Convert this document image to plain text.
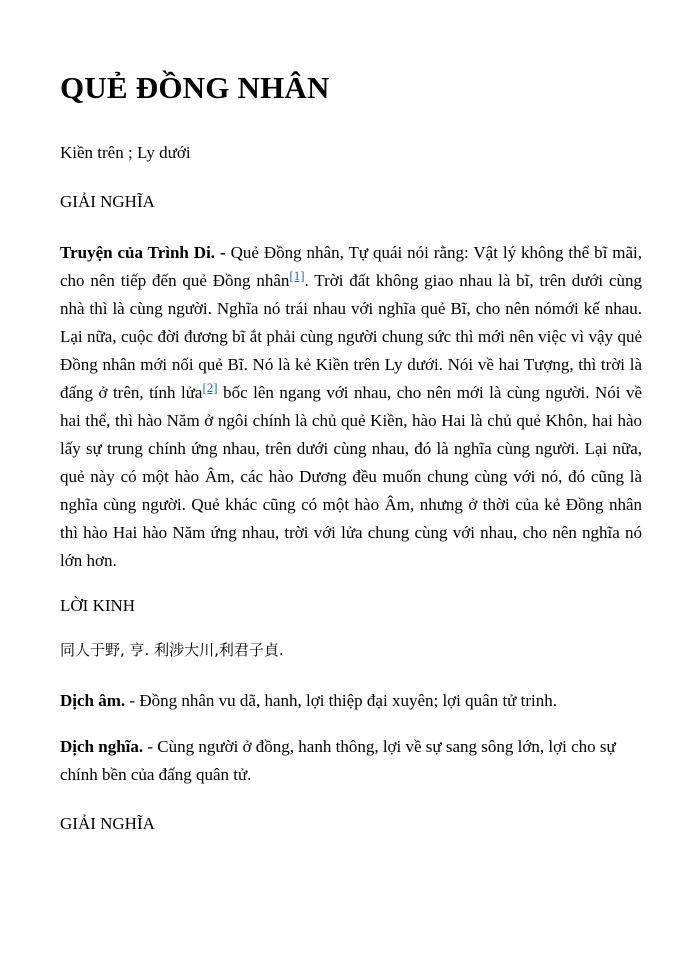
QUẺ ĐỒNG NHÂN

Kiền trên ; Ly dưới

GIẢI NGHĨA

Truyện của Trình Di. - Quẻ Đồng nhân, Tự quái nói rằng: Vật lý không thể bĩ mãi, cho nên tiếp đến quẻ Đồng nhân[1]. Trời đất không giao nhau là bĩ, trên dưới cùng nhà thì là cùng người. Nghĩa nó trái nhau với nghĩa quẻ Bĩ, cho nên nómới kế nhau. Lại nữa, cuộc đời đương bĩ ắt phải cùng người chung sức thì mới nên việc vì vậy quẻ Đồng nhân mới nối quẻ Bĩ. Nó là kẻ Kiền trên Ly dưới. Nói về hai Tượng, thì trời là đấng ở trên, tính lửa[2] bốc lên ngang với nhau, cho nên mới là cùng người. Nói về hai thể, thì hào Năm ở ngôi chính là chủ quẻ Kiền, hào Hai là chủ quẻ Khôn, hai hào lấy sự trung chính ứng nhau, trên dưới cùng nhau, đó là nghĩa cùng người. Lại nữa, quẻ này có một hào Âm, các hào Dương đều muốn chung cùng với nó, đó cũng là nghĩa cùng người. Quẻ khác cũng có một hào Âm, nhưng ở thời của kẻ Đồng nhân thì hào Hai hào Năm ứng nhau, trời với lửa chung cùng với nhau, cho nên nghĩa nó lớn hơn.

LỜI KINH

同人于野, 亨. 利涉大川,利君子貞.

Dịch âm. - Đồng nhân vu dã, hanh, lợi thiệp đại xuyên; lợi quân tử trinh.

Dịch nghĩa. - Cùng người ở đồng, hanh thông, lợi về sự sang sông lớn, lợi cho sự chính bền của đấng quân tử.

GIẢI NGHĨA
